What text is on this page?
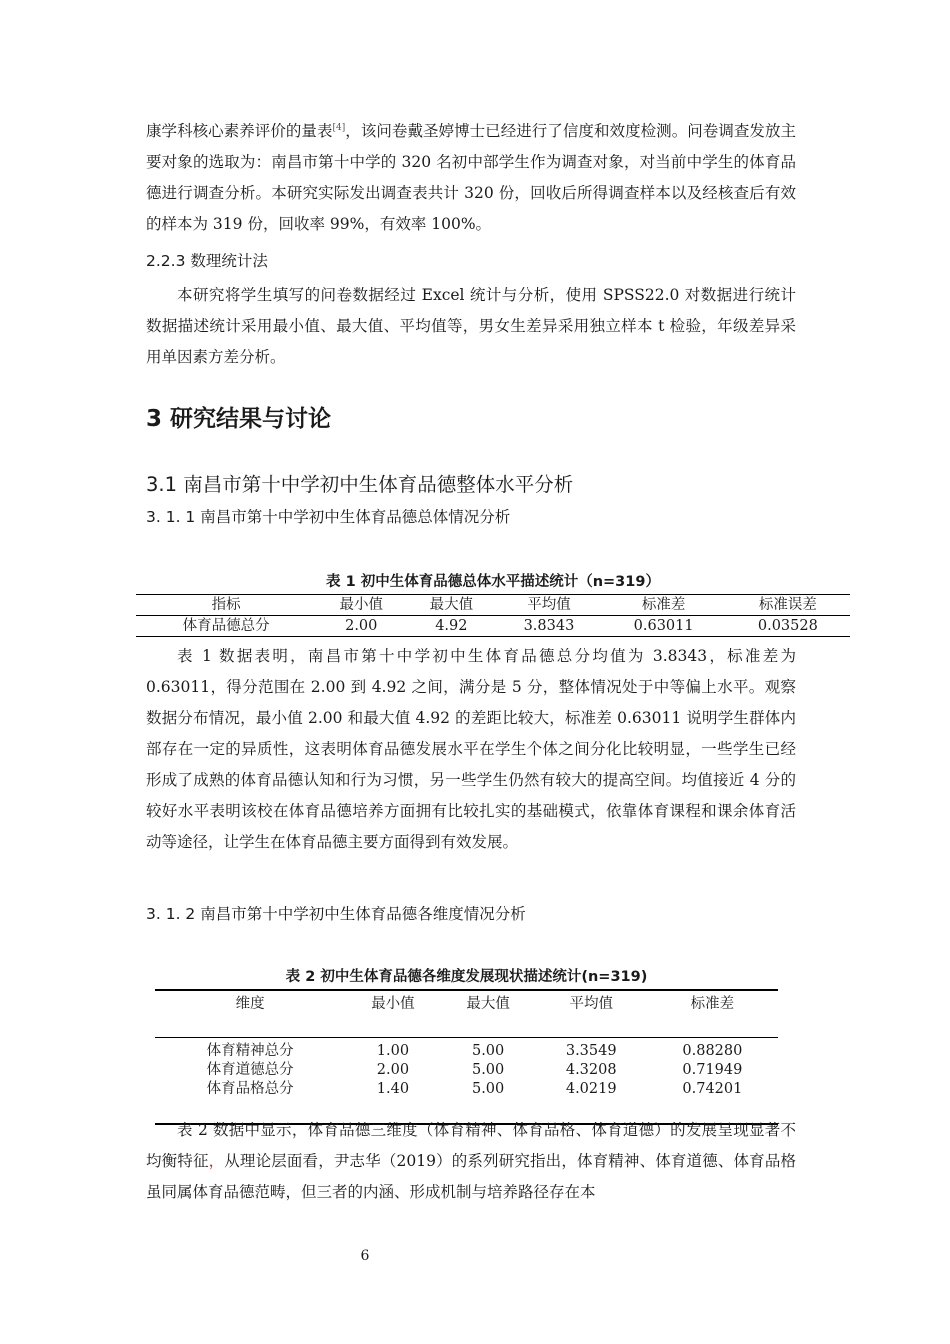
康学科核心素养评价的量表[4]，该问卷戴圣婷博士已经进行了信度和效度检测。问卷调查发放主要对象的选取为：南昌市第十中学的 320 名初中部学生作为调查对象，对当前中学生的体育品德进行调查分析。本研究实际发出调查表共计 320 份，回收后所得调查样本以及经核查后有效的样本为 319 份，回收率 99%，有效率 100%。

2.2.3 数理统计法

本研究将学生填写的问卷数据经过 Excel 统计与分析，使用 SPSS22.0 对数据进行统计数据描述统计采用最小值、最大值、平均值等，男女生差异采用独立样本 t 检验，年级差异采用单因素方差分析。

3 研究结果与讨论
3.1 南昌市第十中学初中生体育品德整体水平分析

3. 1. 1 南昌市第十中学初中生体育品德总体情况分析

表 1 初中生体育品德总体水平描述统计（n=319）

指标	最小值	最大值	平均值	标准差	标准误差
体育品德总分	2.00	4.92	3.8343	0.63011	0.03528

表 1 数据表明，南昌市第十中学初中生体育品德总分均值为 3.8343，标准差为 0.63011，得分范围在 2.00 到 4.92 之间，满分是 5 分，整体情况处于中等偏上水平。观察数据分布情况，最小值 2.00 和最大值 4.92 的差距比较大，标准差 0.63011 说明学生群体内部存在一定的异质性，这表明体育品德发展水平在学生个体之间分化比较明显，一些学生已经形成了成熟的体育品德认知和行为习惯，另一些学生仍然有较大的提高空间。均值接近 4 分的较好水平表明该校在体育品德培养方面拥有比较扎实的基础模式，依靠体育课程和课余体育活动等途径，让学生在体育品德主要方面得到有效发展。

3. 1. 2 南昌市第十中学初中生体育品德各维度情况分析

表 2 初中生体育品德各维度发展现状描述统计(n=319)

维度	最小值	最大值	平均值	标准差
体育精神总分	1.00	5.00	3.3549	0.88280
体育道德总分	2.00	5.00	4.3208	0.71949
体育品格总分	1.40	5.00	4.0219	0.74201

表 2 数据中显示，体育品德三维度（体育精神、体育品格、体育道德）的发展呈现显著不均衡特征，从理论层面看，尹志华（2019）的系列研究指出，体育精神、体育道德、体育品格虽同属体育品德范畴，但三者的内涵、形成机制与培养路径存在本

6
